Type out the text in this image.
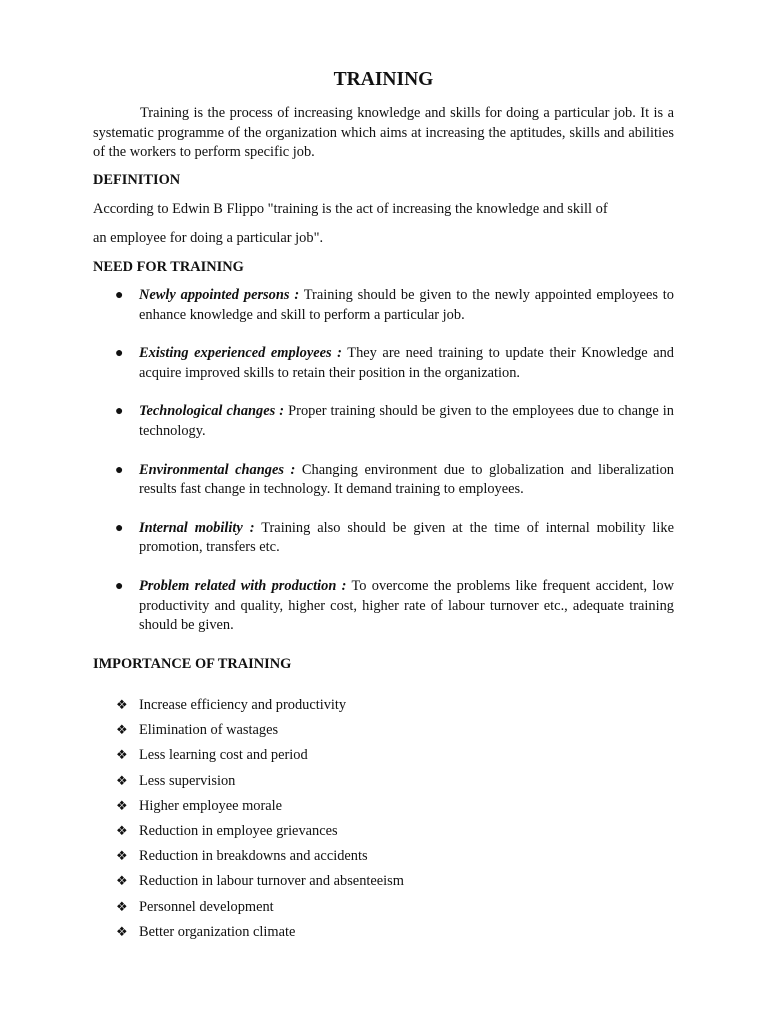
TRAINING

Training is the process of increasing knowledge and skills for doing a particular job. It is a systematic programme of the organization which aims at increasing the aptitudes, skills and abilities of the workers to perform specific job.

DEFINITION

According to Edwin B Flippo "training is the act of increasing the knowledge and skill of

an employee for doing a particular job".

NEED FOR TRAINING

● Newly appointed persons : Training should be given to the newly appointed employees to enhance knowledge and skill to perform a particular job.
● Existing experienced employees : They are need training to update their Knowledge and acquire improved skills to retain their position in the organization.
● Technological changes : Proper training should be given to the employees due to change in technology.
● Environmental changes : Changing environment due to globalization and liberalization results fast change in technology. It demand training to employees.
● Internal mobility : Training also should be given at the time of internal mobility like promotion, transfers etc.
● Problem related with production : To overcome the problems like frequent accident, low productivity and quality, higher cost, higher rate of labour turnover etc., adequate training should be given.

IMPORTANCE OF TRAINING

❖ Increase efficiency and productivity
❖ Elimination of wastages
❖ Less learning cost and period
❖ Less supervision
❖ Higher employee morale
❖ Reduction in employee grievances
❖ Reduction in breakdowns and accidents
❖ Reduction in labour turnover and absenteeism
❖ Personnel development
❖ Better organization climate
